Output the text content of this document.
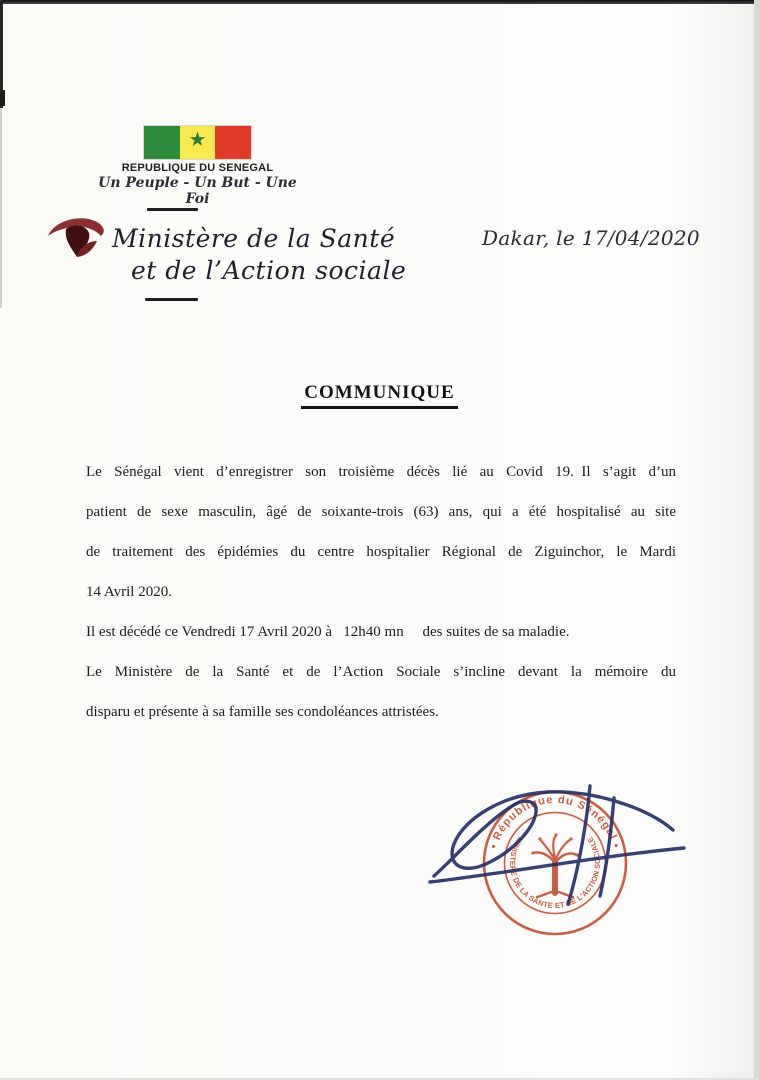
★
REPUBLIQUE DU SENEGAL
Un Peuple - Un But - Une Foi
Ministère de la Santé
et de l’Action sociale
Dakar, le 17/04/2020
COMMUNIQUE
Le Sénégal vient d’enregistrer son troisième décès lié au Covid 19. Il s’agit d’un
patient de sexe masculin, âgé de soixante-trois (63) ans, qui a été hospitalisé au site
de traitement des épidémies du centre hospitalier Régional de Ziguinchor, le Mardi
14 Avril 2020.
Il est décédé ce Vendredi 17 Avril 2020 à  12h40 mn   des suites de sa maladie.
Le Ministère de la Santé et de l’Action Sociale s’incline devant la mémoire du
disparu et présente à sa famille ses condoléances attristées.
• République du Sénégal •
MINISTERE DE LA SANTE ET DE L'ACTION SOCIALE
